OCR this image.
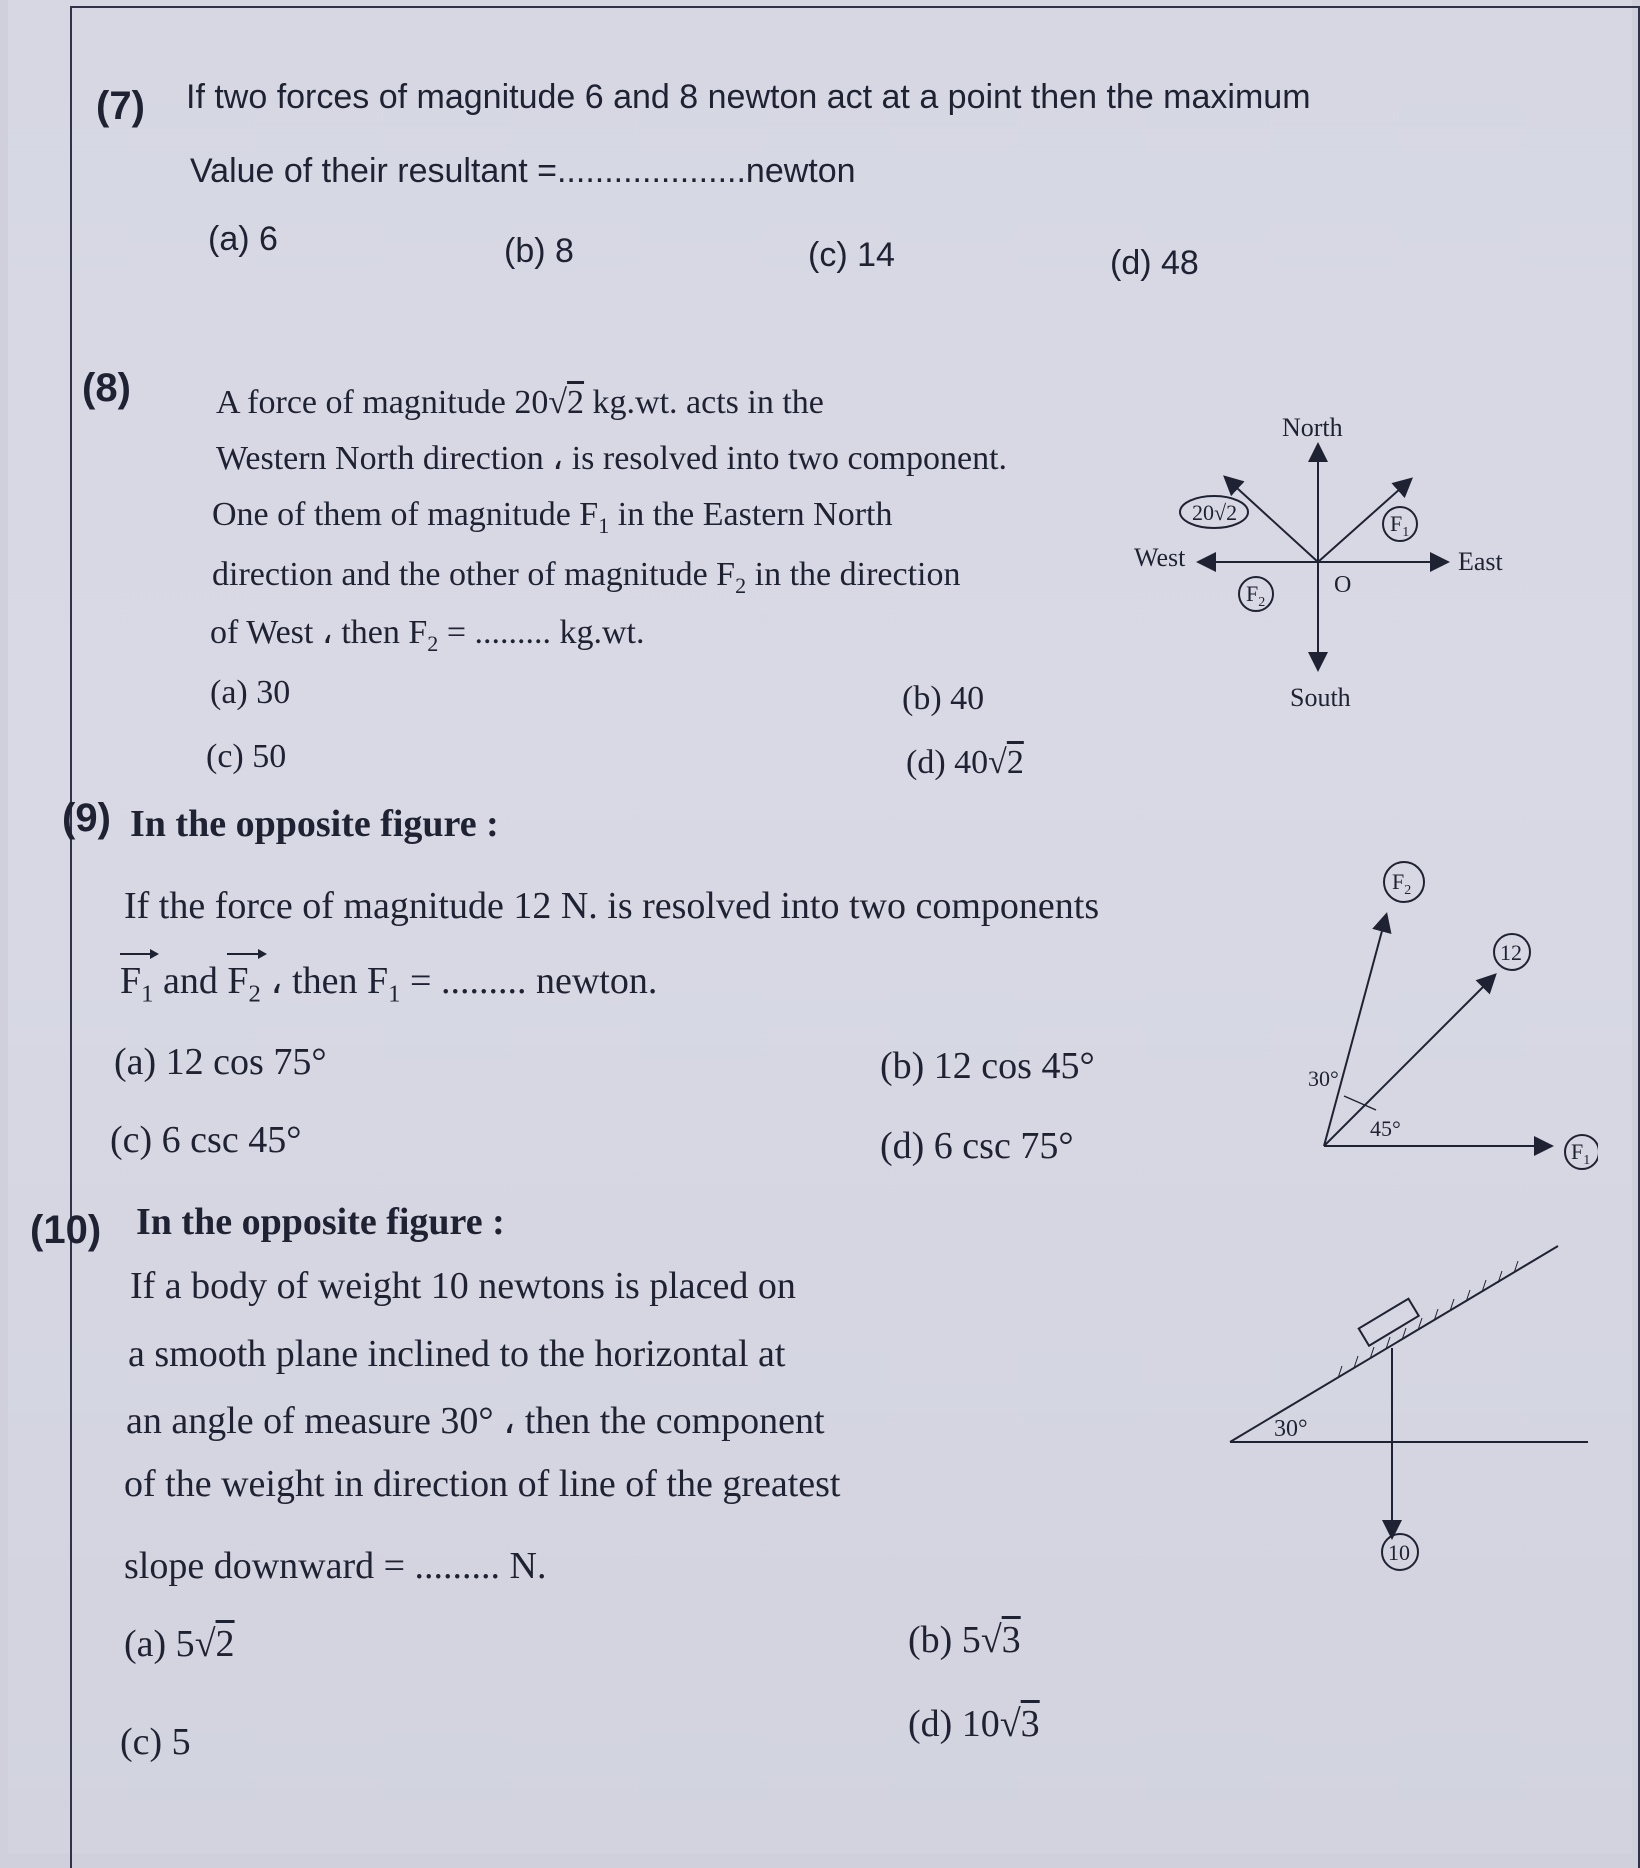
(7) If two forces of magnitude 6 and 8 newton act at a point then the maximum
Value of their resultant =....................newton
(a) 6	(b) 8	(c) 14	(d) 48
(8)	A force of magnitude 20√2 kg.wt. acts in the
Western North direction ، is resolved into two component.
One of them of magnitude $F_1$ in the Eastern North
direction and the other of magnitude $F_2$ in the direction
of West ، then $F_2$ = ......... kg.wt.
(a) 30	(b) 40
(c) 50	(d) 40√2
North
South
East
West
O
20√2	$F_1$
$F_2$
(9) In the opposite figure :
If the force of magnitude 12 N. is resolved into two components
$F_1$ and $F_2$ ، then $F_1$ = ......... newton.
(a) 12 cos 75°	(b) 12 cos 45°
(c) 6 csc 45°	(d) 6 csc 75°
30°
45°
12
$F_1$
$F_2$
(10) In the opposite figure :
If a body of weight 10 newtons is placed on
a smooth plane inclined to the horizontal at
an angle of measure 30° ، then the component
of the weight in direction of line of the greatest
slope downward = ......... N.
(a) 5√2	(b) 5√3
(c) 5	(d) 10√3
30°
10
